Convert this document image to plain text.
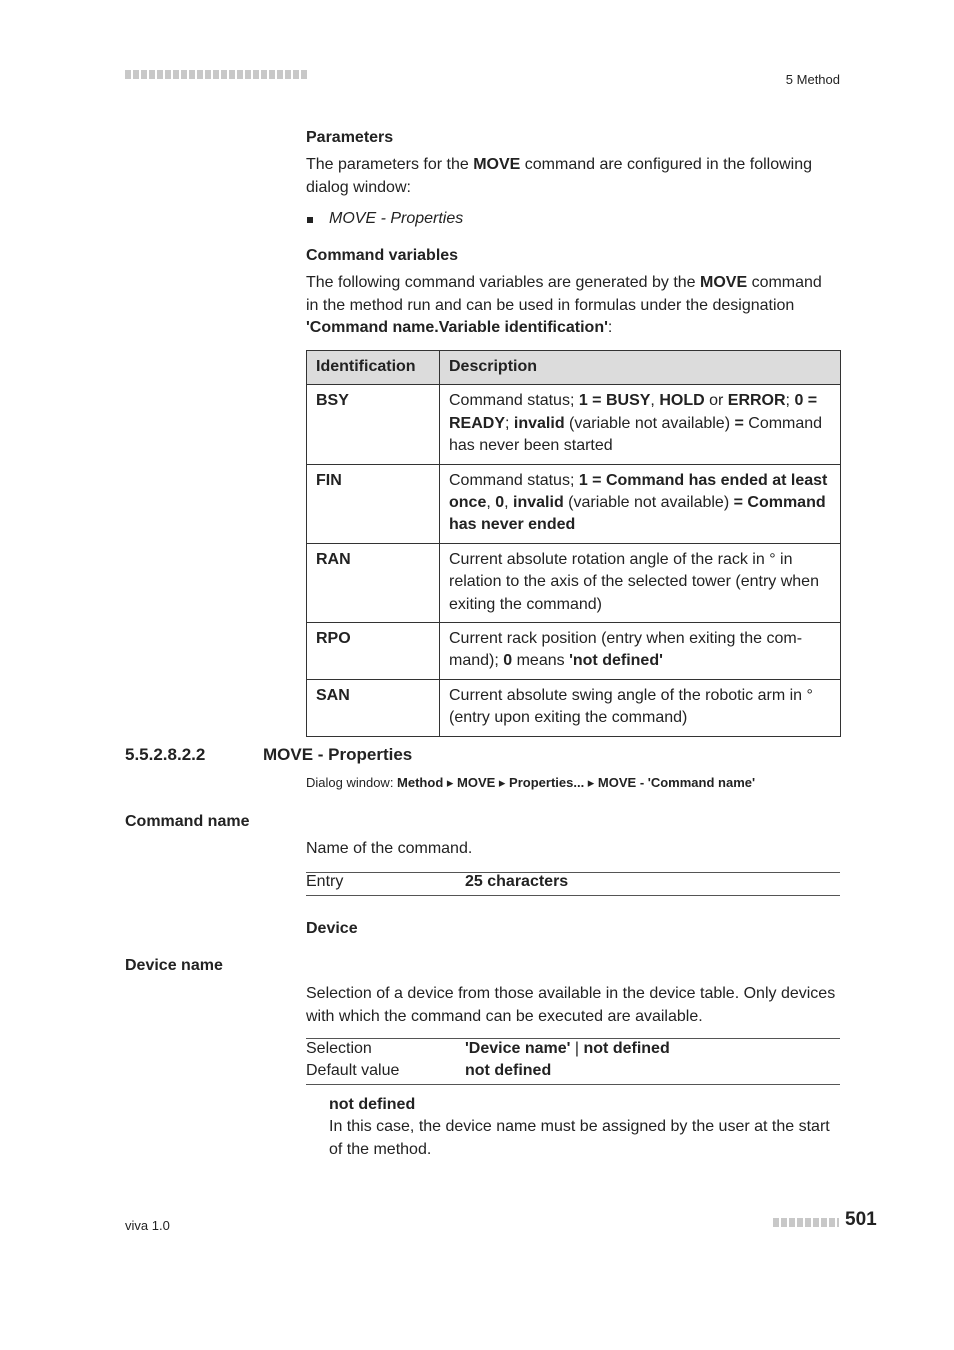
5 Method
Parameters
The parameters for the MOVE command are configured in the following
dialog window:
MOVE - Properties
Command variables
The following command variables are generated by the MOVE command
in the method run and can be used in formulas under the designation
'Command name.Variable identification':
Identification	Description
BSY	Command status; 1 = BUSY, HOLD or ERROR; 0 = READY; invalid (variable not available) = Command has never been started
FIN	Command status; 1 = Command has ended at least once, 0, invalid (variable not available) = Command has never ended
RAN	Current absolute rotation angle of the rack in ° in relation to the axis of the selected tower (entry when exiting the command)
RPO	Current rack position (entry when exiting the com-mand); 0 means 'not defined'
SAN	Current absolute swing angle of the robotic arm in ° (entry upon exiting the command)
5.5.2.8.2.2	MOVE - Properties
Dialog window: Method ▸ MOVE ▸ Properties... ▸ MOVE - 'Command name'
Command name
Name of the command.
Entry	25 characters
Device
Device name
Selection of a device from those available in the device table. Only devices
with which the command can be executed are available.
Selection	'Device name' | not defined
Default value	not defined
not defined
In this case, the device name must be assigned by the user at the start
of the method.
viva 1.0	501
